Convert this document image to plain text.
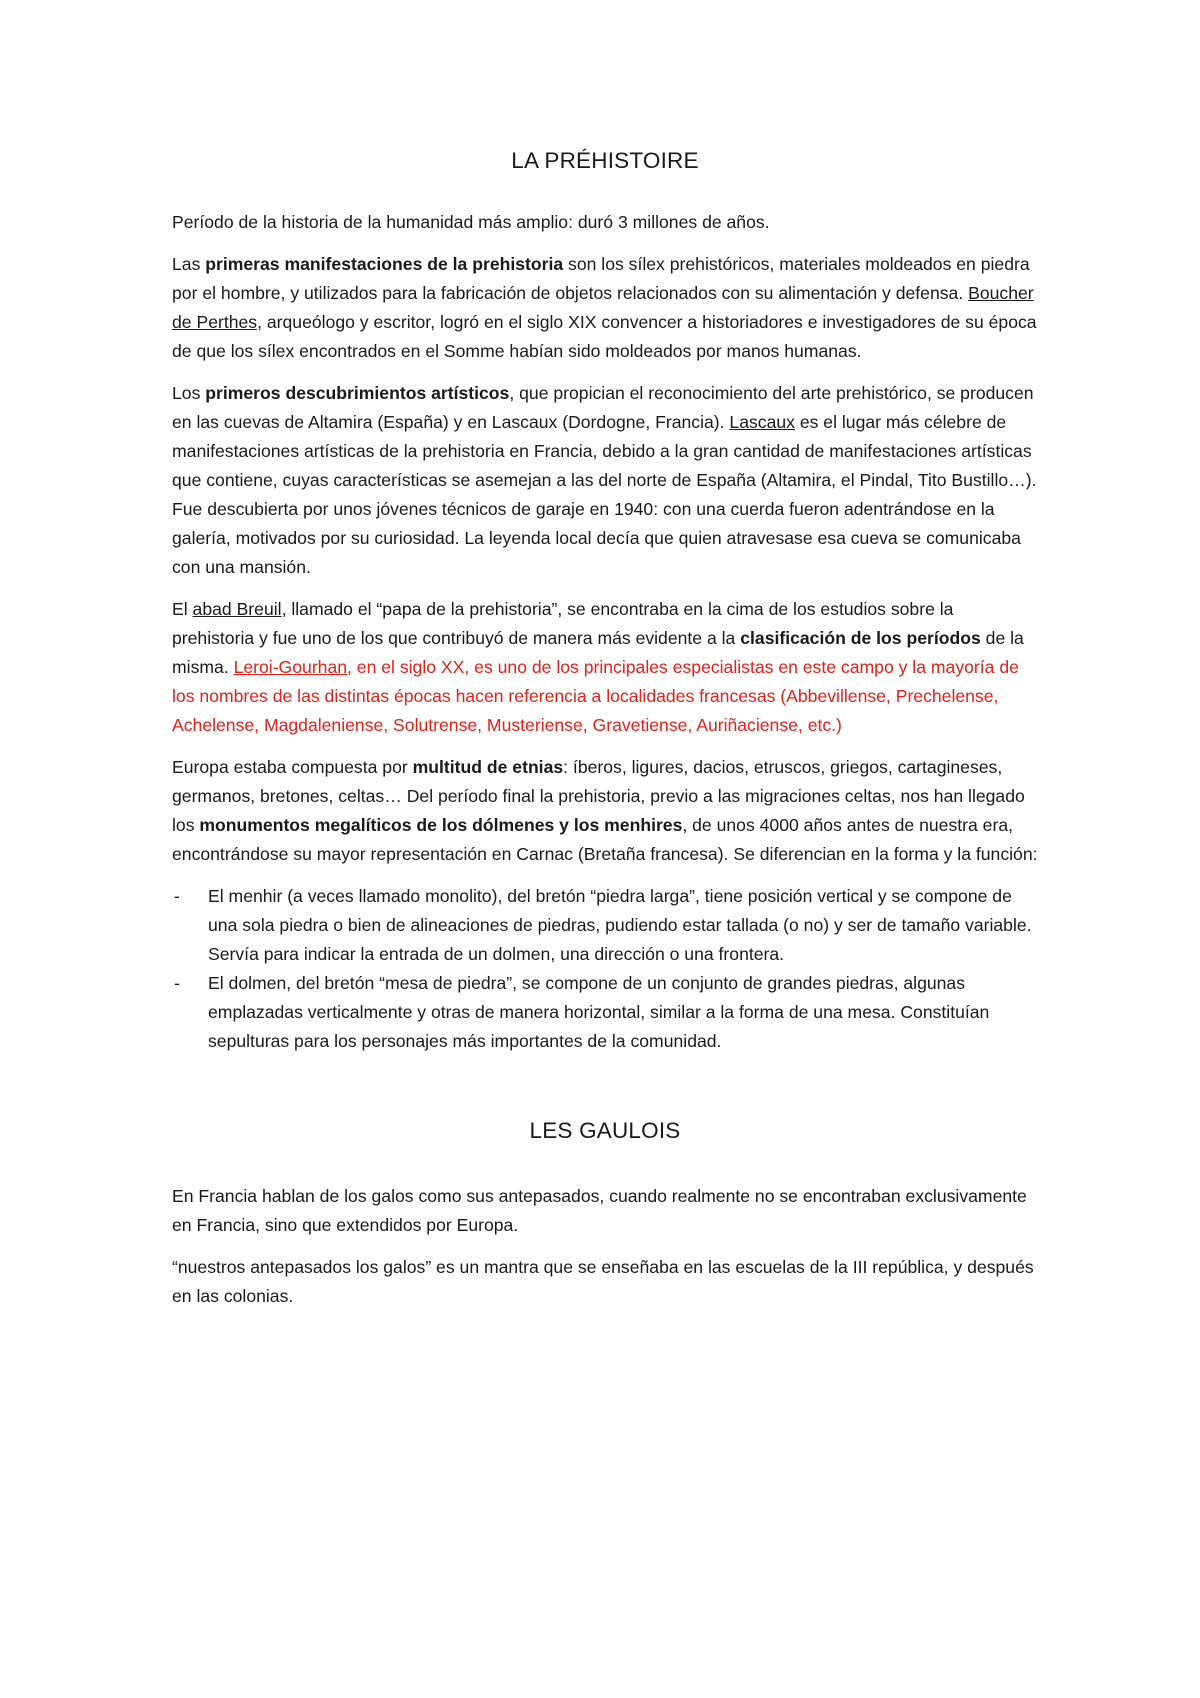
LA PRÉHISTOIRE

Período de la historia de la humanidad más amplio: duró 3 millones de años.

Las primeras manifestaciones de la prehistoria son los sílex prehistóricos, materiales moldeados en piedra por el hombre, y utilizados para la fabricación de objetos relacionados con su alimentación y defensa. Boucher de Perthes, arqueólogo y escritor, logró en el siglo XIX convencer a historiadores e investigadores de su época de que los sílex encontrados en el Somme habían sido moldeados por manos humanas.

Los primeros descubrimientos artísticos, que propician el reconocimiento del arte prehistórico, se producen en las cuevas de Altamira (España) y en Lascaux (Dordogne, Francia). Lascaux es el lugar más célebre de manifestaciones artísticas de la prehistoria en Francia, debido a la gran cantidad de manifestaciones artísticas que contiene, cuyas características se asemejan a las del norte de España (Altamira, el Pindal, Tito Bustillo…). Fue descubierta por unos jóvenes técnicos de garaje en 1940: con una cuerda fueron adentrándose en la galería, motivados por su curiosidad. La leyenda local decía que quien atravesase esa cueva se comunicaba con una mansión.

El abad Breuil, llamado el “papa de la prehistoria”, se encontraba en la cima de los estudios sobre la prehistoria y fue uno de los que contribuyó de manera más evidente a la clasificación de los períodos de la misma. Leroi-Gourhan, en el siglo XX, es uno de los principales especialistas en este campo y la mayoría de los nombres de las distintas épocas hacen referencia a localidades francesas (Abbevillense, Prechelense, Achelense, Magdaleniense, Solutrense, Musteriense, Gravetiense, Auriñaciense, etc.)

Europa estaba compuesta por multitud de etnias: íberos, ligures, dacios, etruscos, griegos, cartagineses, germanos, bretones, celtas… Del período final la prehistoria, previo a las migraciones celtas, nos han llegado los monumentos megalíticos de los dólmenes y los menhires, de unos 4000 años antes de nuestra era, encontrándose su mayor representación en Carnac (Bretaña francesa). Se diferencian en la forma y la función:

- El menhir (a veces llamado monolito), del bretón “piedra larga”, tiene posición vertical y se compone de una sola piedra o bien de alineaciones de piedras, pudiendo estar tallada (o no) y ser de tamaño variable. Servía para indicar la entrada de un dolmen, una dirección o una frontera.
- El dolmen, del bretón “mesa de piedra”, se compone de un conjunto de grandes piedras, algunas emplazadas verticalmente y otras de manera horizontal, similar a la forma de una mesa. Constituían sepulturas para los personajes más importantes de la comunidad.
LES GAULOIS

En Francia hablan de los galos como sus antepasados, cuando realmente no se encontraban exclusivamente en Francia, sino que extendidos por Europa.

“nuestros antepasados los galos” es un mantra que se enseñaba en las escuelas de la III república, y después en las colonias.
